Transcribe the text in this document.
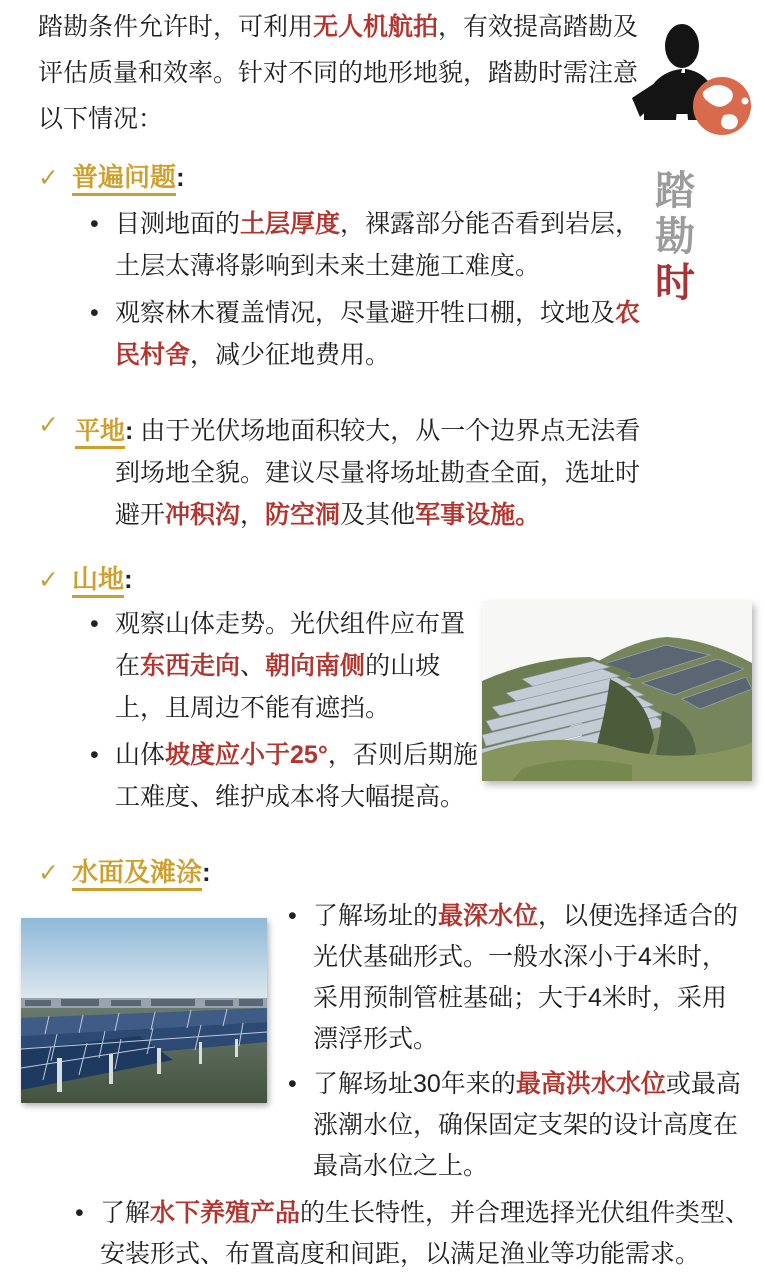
踏
勘
时

踏勘条件允许时，可利用无人机航拍，有效提高踏勘及评估质量和效率。针对不同的地形地貌，踏勘时需注意以下情况：

✓ 普遍问题:
• 目测地面的土层厚度，裸露部分能否看到岩层，土层太薄将影响到未来土建施工难度。
• 观察林木覆盖情况，尽量避开牲口棚，坟地及农民村舍，减少征地费用。
✓ 平地: 由于光伏场地面积较大，从一个边界点无法看到场地全貌。建议尽量将场址勘查全面，选址时避开冲积沟，防空洞及其他军事设施。

✓ 山地:
• 观察山体走势。光伏组件应布置在东西走向、朝向南侧的山坡上，且周边不能有遮挡。
• 山体坡度应小于25°，否则后期施工难度、维护成本将大幅提高。
✓ 水面及滩涂:
• 了解场址的最深水位，以便选择适合的光伏基础形式。一般水深小于4米时，采用预制管桩基础；大于4米时，采用漂浮形式。
• 了解场址30年来的最高洪水水位或最高涨潮水位，确保固定支架的设计高度在最高水位之上。
• 了解水下养殖产品的生长特性，并合理选择光伏组件类型、安装形式、布置高度和间距，以满足渔业等功能需求。
